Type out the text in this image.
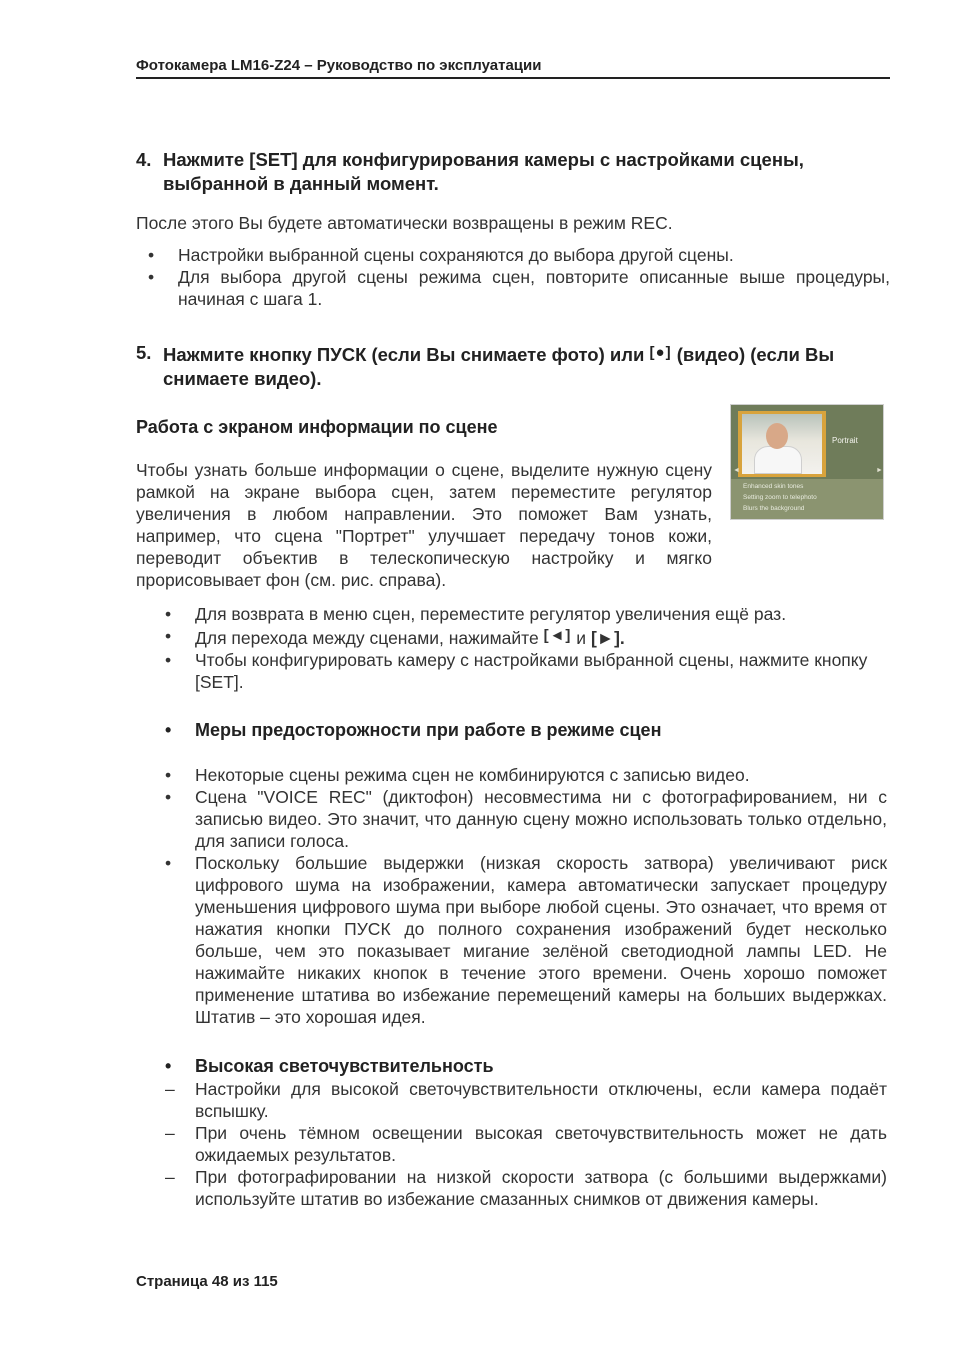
Фотокамера LM16-Z24 – Руководство по эксплуатации
4. Нажмите [SET] для конфигурирования камеры с настройками сцены, выбранной в данный момент.
После этого Вы будете автоматически возвращены в режим REC.
• Настройки выбранной сцены сохраняются до выбора другой сцены.
• Для выбора другой сцены режима сцен, повторите описанные выше процедуры, начиная с шага 1.
5. Нажмите кнопку ПУСК (если Вы снимаете фото) или [●] (видео) (если Вы снимаете видео).
Работа с экраном информации по сцене
Чтобы узнать больше информации о сцене, выделите нужную сцену рамкой на экране выбора сцен, затем переместите регулятор увеличения в любом направлении. Это поможет Вам узнать, например, что сцена "Портрет" улучшает передачу тонов кожи, переводит объектив в телескопическую настройку и мягко прорисовывает фон (см. рис. справа).
Portrait
Enhanced skin tones
Setting zoom to telephoto
Blurs the background
◄	►
• Для возврата в меню сцен, переместите регулятор увеличения ещё раз.
• Для перехода между сценами, нажимайте [◄] и [►].
• Чтобы конфигурировать камеру с настройками выбранной сцены, нажмите кнопку [SET].
• Меры предосторожности при работе в режиме сцен
• Некоторые сцены режима сцен не комбинируются с записью видео.
• Сцена "VOICE REC" (диктофон) несовместима ни с фотографированием, ни с записью видео. Это значит, что данную сцену можно использовать только отдельно, для записи голоса.
• Поскольку большие выдержки (низкая скорость затвора) увеличивают риск цифрового шума на изображении, камера автоматически запускает процедуру уменьшения цифрового шума при выборе любой сцены. Это означает, что время от нажатия кнопки ПУСК до полного сохранения изображений будет несколько больше, чем это показывает мигание зелёной светодиодной лампы LED. Не нажимайте никаких кнопок в течение этого времени. Очень хорошо поможет применение штатива во избежание перемещений камеры на больших выдержках. Штатив – это хорошая идея.
• Высокая светочувствительность
– Настройки для высокой светочувствительности отключены, если камера подаёт вспышку.
– При очень тёмном освещении высокая светочувствительность может не дать ожидаемых результатов.
– При фотографировании на низкой скорости затвора (с большими выдержками) используйте штатив во избежание смазанных снимков от движения камеры.
Страница 48 из 115
